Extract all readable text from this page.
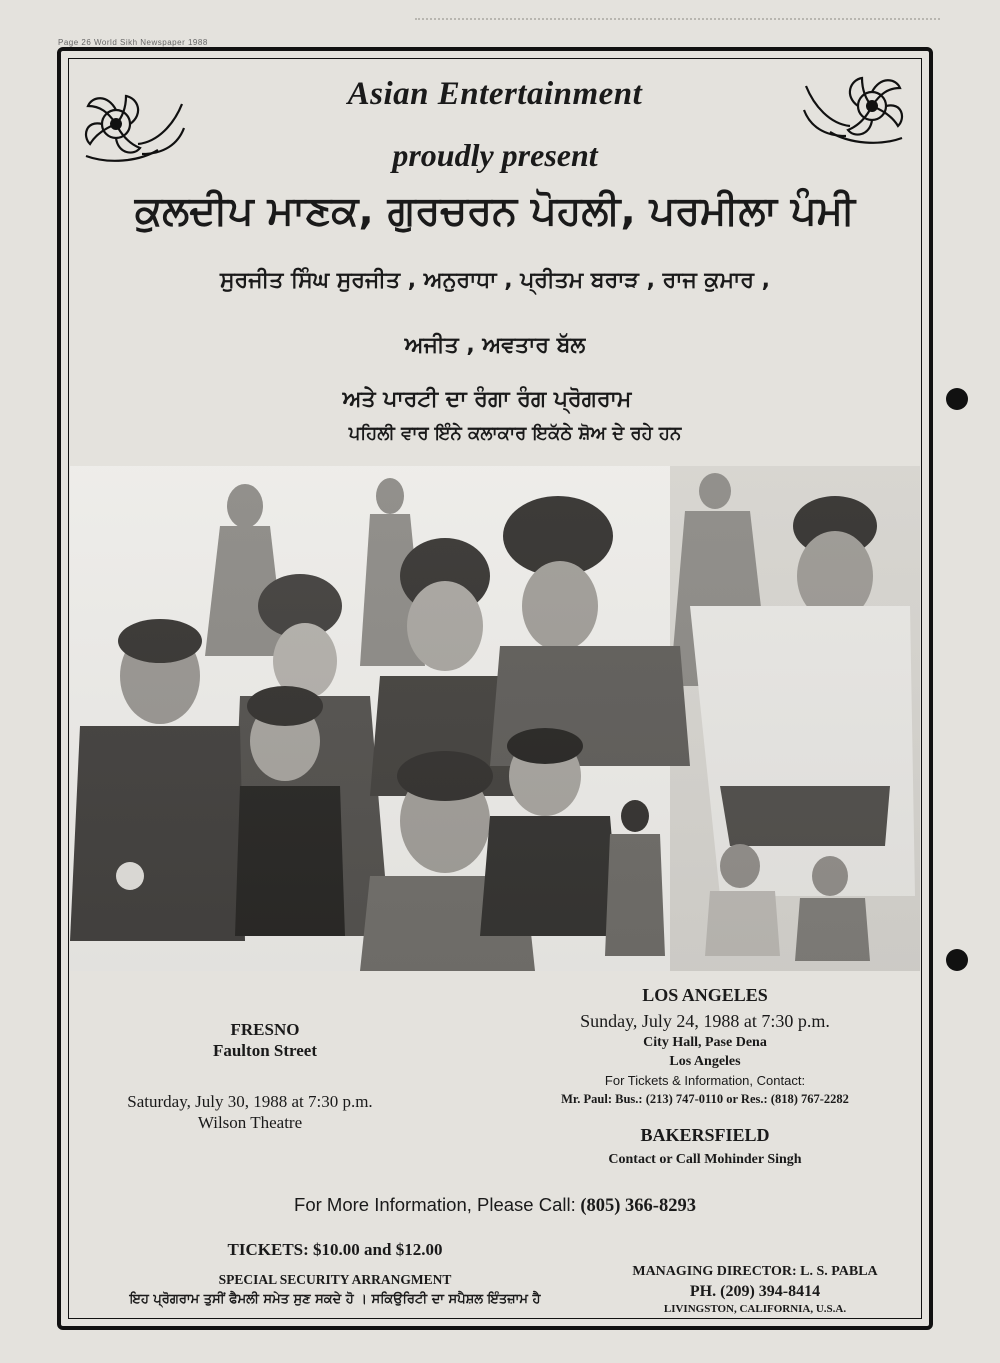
Page 26 World Sikh Newspaper 1988
Asian Entertainment
proudly present
ਕੁਲਦੀਪ ਮਾਣਕ, ਗੁਰਚਰਨ ਪੋਹਲੀ, ਪਰਮੀਲਾ ਪੰਮੀ
ਸੁਰਜੀਤ ਸਿੰਘ ਸੁਰਜੀਤ , ਅਨੁਰਾਧਾ , ਪ੍ਰੀਤਮ ਬਰਾੜ , ਰਾਜ ਕੁਮਾਰ ,
ਅਜੀਤ , ਅਵਤਾਰ ਬੱਲ
ਅਤੇ ਪਾਰਟੀ ਦਾ ਰੰਗਾ ਰੰਗ ਪ੍ਰੋਗਰਾਮ
ਪਹਿਲੀ ਵਾਰ ਇੰਨੇ ਕਲਾਕਾਰ ਇਕੱਠੇ ਸ਼ੋਅ ਦੇ ਰਹੇ ਹਨ
FRESNO
Faulton Street
Saturday, July 30, 1988 at 7:30 p.m.
Wilson Theatre
LOS ANGELES
Sunday, July 24, 1988 at 7:30 p.m.
City Hall, Pase Dena
Los Angeles
For Tickets & Information, Contact:
Mr. Paul: Bus.: (213) 747-0110 or Res.: (818) 767-2282
BAKERSFIELD
Contact or Call Mohinder Singh
For More Information, Please Call: (805) 366-8293
TICKETS: $10.00 and $12.00
SPECIAL SECURITY ARRANGMENT
ਇਹ ਪ੍ਰੋਗਰਾਮ ਤੁਸੀਂ ਫੈਮਲੀ ਸਮੇਤ ਸੁਣ ਸਕਦੇ ਹੋ । ਸਕਿਉਰਿਟੀ ਦਾ ਸਪੈਸ਼ਲ ਇੰਤਜ਼ਾਮ ਹੈ
MANAGING DIRECTOR: L. S. PABLA
PH. (209) 394-8414
LIVINGSTON, CALIFORNIA, U.S.A.
